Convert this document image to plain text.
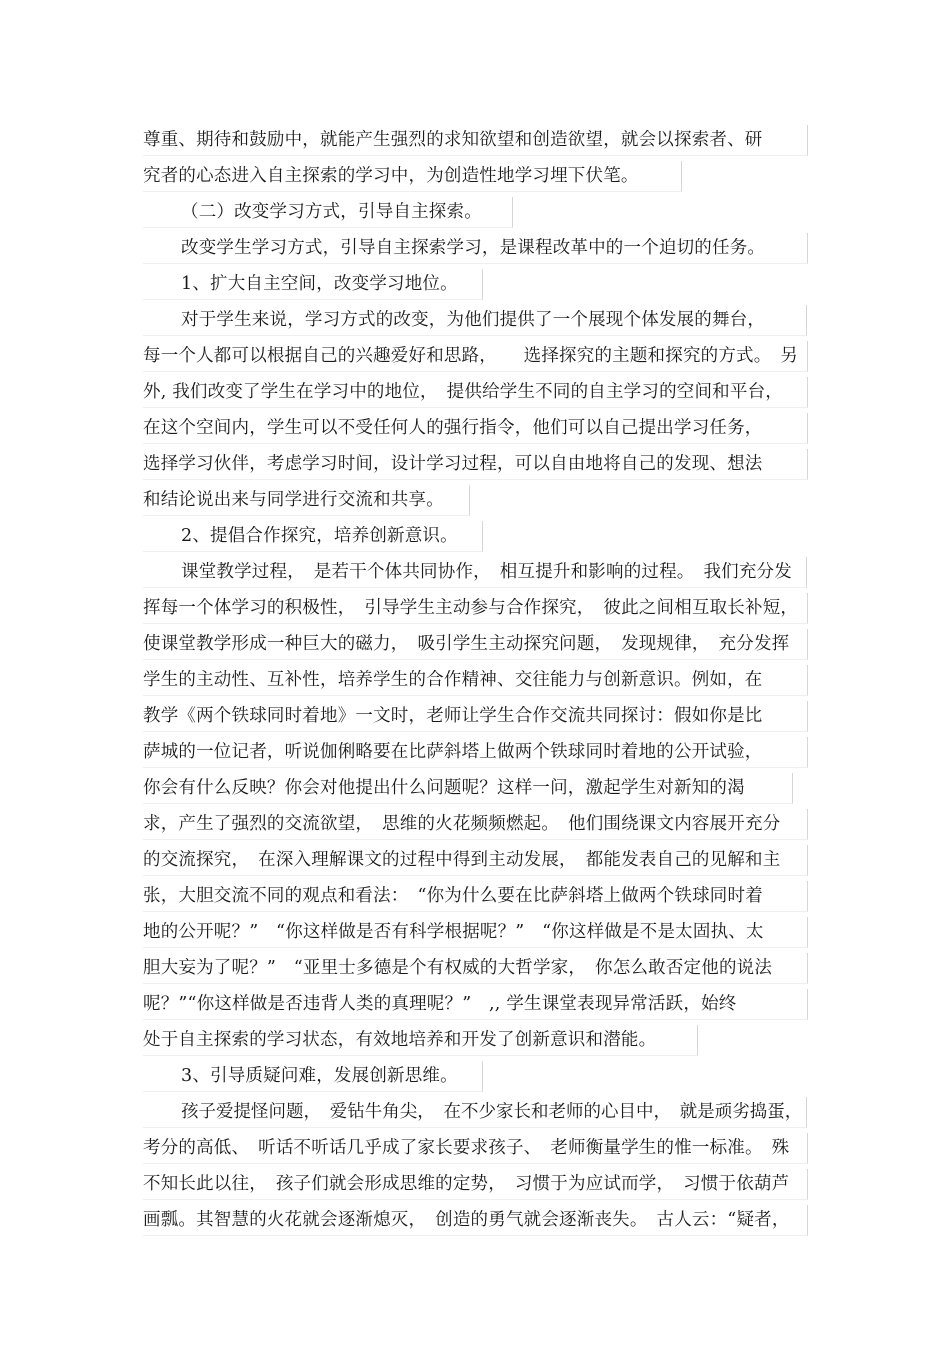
尊重、期待和鼓励中，就能产生强烈的求知欲望和创造欲望，就会以探索者、研
究者的心态进入自主探索的学习中，为创造性地学习埋下伏笔。
（二）改变学习方式，引导自主探索。
改变学生学习方式，引导自主探索学习，是课程改革中的一个迫切的任务。
1、扩大自主空间，改变学习地位。
对于学生来说，学习方式的改变，为他们提供了一个展现个体发展的舞台，
每一个人都可以根据自己的兴趣爱好和思路，　　选择探究的主题和探究的方式。　另
外, 我们改变了学生在学习中的地位，　提供给学生不同的自主学习的空间和平台，
在这个空间内，学生可以不受任何人的强行指令，他们可以自己提出学习任务，
选择学习伙伴，考虑学习时间，设计学习过程，可以自由地将自己的发现、想法
和结论说出来与同学进行交流和共享。
2、提倡合作探究，培养创新意识。
课堂教学过程，　是若干个体共同协作，　相互提升和影响的过程。　我们充分发
挥每一个体学习的积极性，　引导学生主动参与合作探究，　彼此之间相互取长补短，
使课堂教学形成一种巨大的磁力，　吸引学生主动探究问题，　发现规律，　充分发挥
学生的主动性、互补性，培养学生的合作精神、交往能力与创新意识。例如，在
教学《两个铁球同时着地》一文时，老师让学生合作交流共同探讨：假如你是比
萨城的一位记者，听说伽俐略要在比萨斜塔上做两个铁球同时着地的公开试验，
你会有什么反映？你会对他提出什么问题呢？这样一问，激起学生对新知的渴
求，产生了强烈的交流欲望，　思维的火花频频燃起。　他们围绕课文内容展开充分
的交流探究，　在深入理解课文的过程中得到主动发展，　都能发表自己的见解和主
张，大胆交流不同的观点和看法：　“你为什么要在比萨斜塔上做两个铁球同时着
地的公开呢？”　“你这样做是否有科学根据呢？”　“你这样做是不是太固执、太
胆大妄为了呢？”　“亚里士多德是个有权威的大哲学家，　你怎么敢否定他的说法
呢？”“你这样做是否违背人类的真理呢？”　,, 学生课堂表现异常活跃，始终
处于自主探索的学习状态，有效地培养和开发了创新意识和潜能。
3、引导质疑问难，发展创新思维。
孩子爱提怪问题，　爱钻牛角尖，　在不少家长和老师的心目中，　就是顽劣捣蛋，
考分的高低、　听话不听话几乎成了家长要求孩子、　老师衡量学生的惟一标准。　殊
不知长此以往，　孩子们就会形成思维的定势，　习惯于为应试而学，　习惯于依葫芦
画瓢。其智慧的火花就会逐渐熄灭，　创造的勇气就会逐渐丧失。　古人云：“疑者，
